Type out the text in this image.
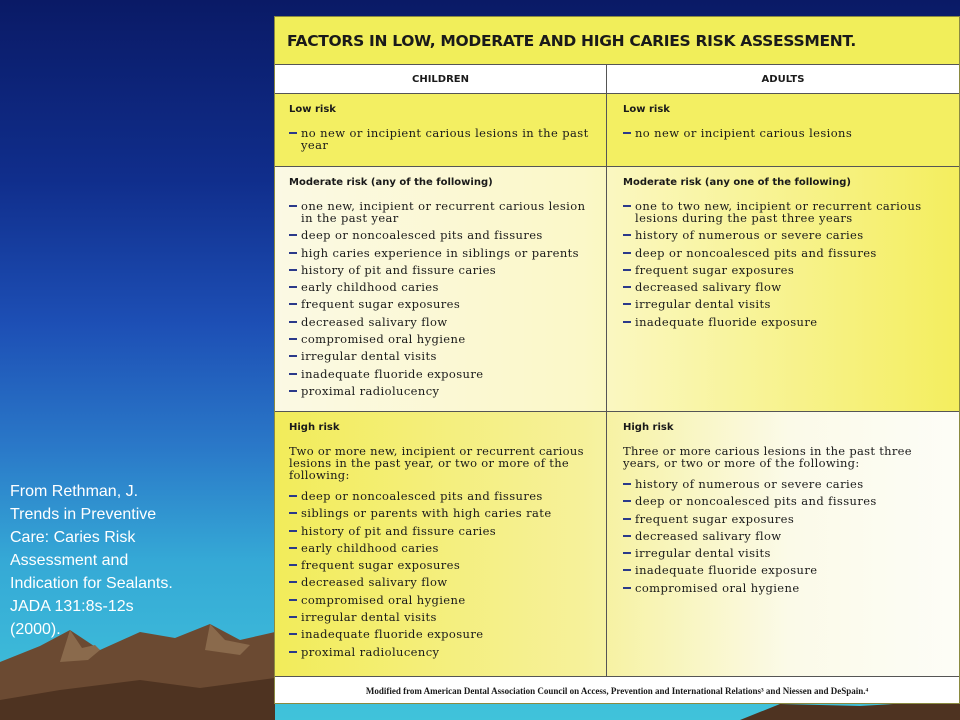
From Rethman, J.
Trends in Preventive
Care: Caries Risk
Assessment and
Indication for Sealants.
JADA 131:8s-12s
(2000).
FACTORS IN LOW, MODERATE AND HIGH CARIES RISK ASSESSMENT.
CHILDREN	ADULTS
Low risk
no new or incipient carious lesions in the past year
Low risk
no new or incipient carious lesions
Moderate risk (any of the following)
one new, incipient or recurrent carious lesion in the past year
deep or noncoalesced pits and fissures
high caries experience in siblings or parents
history of pit and fissure caries
early childhood caries
frequent sugar exposures
decreased salivary flow
compromised oral hygiene
irregular dental visits
inadequate fluoride exposure
proximal radiolucency
Moderate risk (any one of the following)
one to two new, incipient or recurrent carious lesions during the past three years
history of numerous or severe caries
deep or noncoalesced pits and fissures
frequent sugar exposures
decreased salivary flow
irregular dental visits
inadequate fluoride exposure
High risk
Two or more new, incipient or recurrent carious lesions in the past year, or two or more of the following:
deep or noncoalesced pits and fissures
siblings or parents with high caries rate
history of pit and fissure caries
early childhood caries
frequent sugar exposures
decreased salivary flow
compromised oral hygiene
irregular dental visits
inadequate fluoride exposure
proximal radiolucency
High risk
Three or more carious lesions in the past three years, or two or more of the following:
history of numerous or severe caries
deep or noncoalesced pits and fissures
frequent sugar exposures
decreased salivary flow
irregular dental visits
inadequate fluoride exposure
compromised oral hygiene
Modified from American Dental Association Council on Access, Prevention and International Relations³ and Niessen and DeSpain.⁴
